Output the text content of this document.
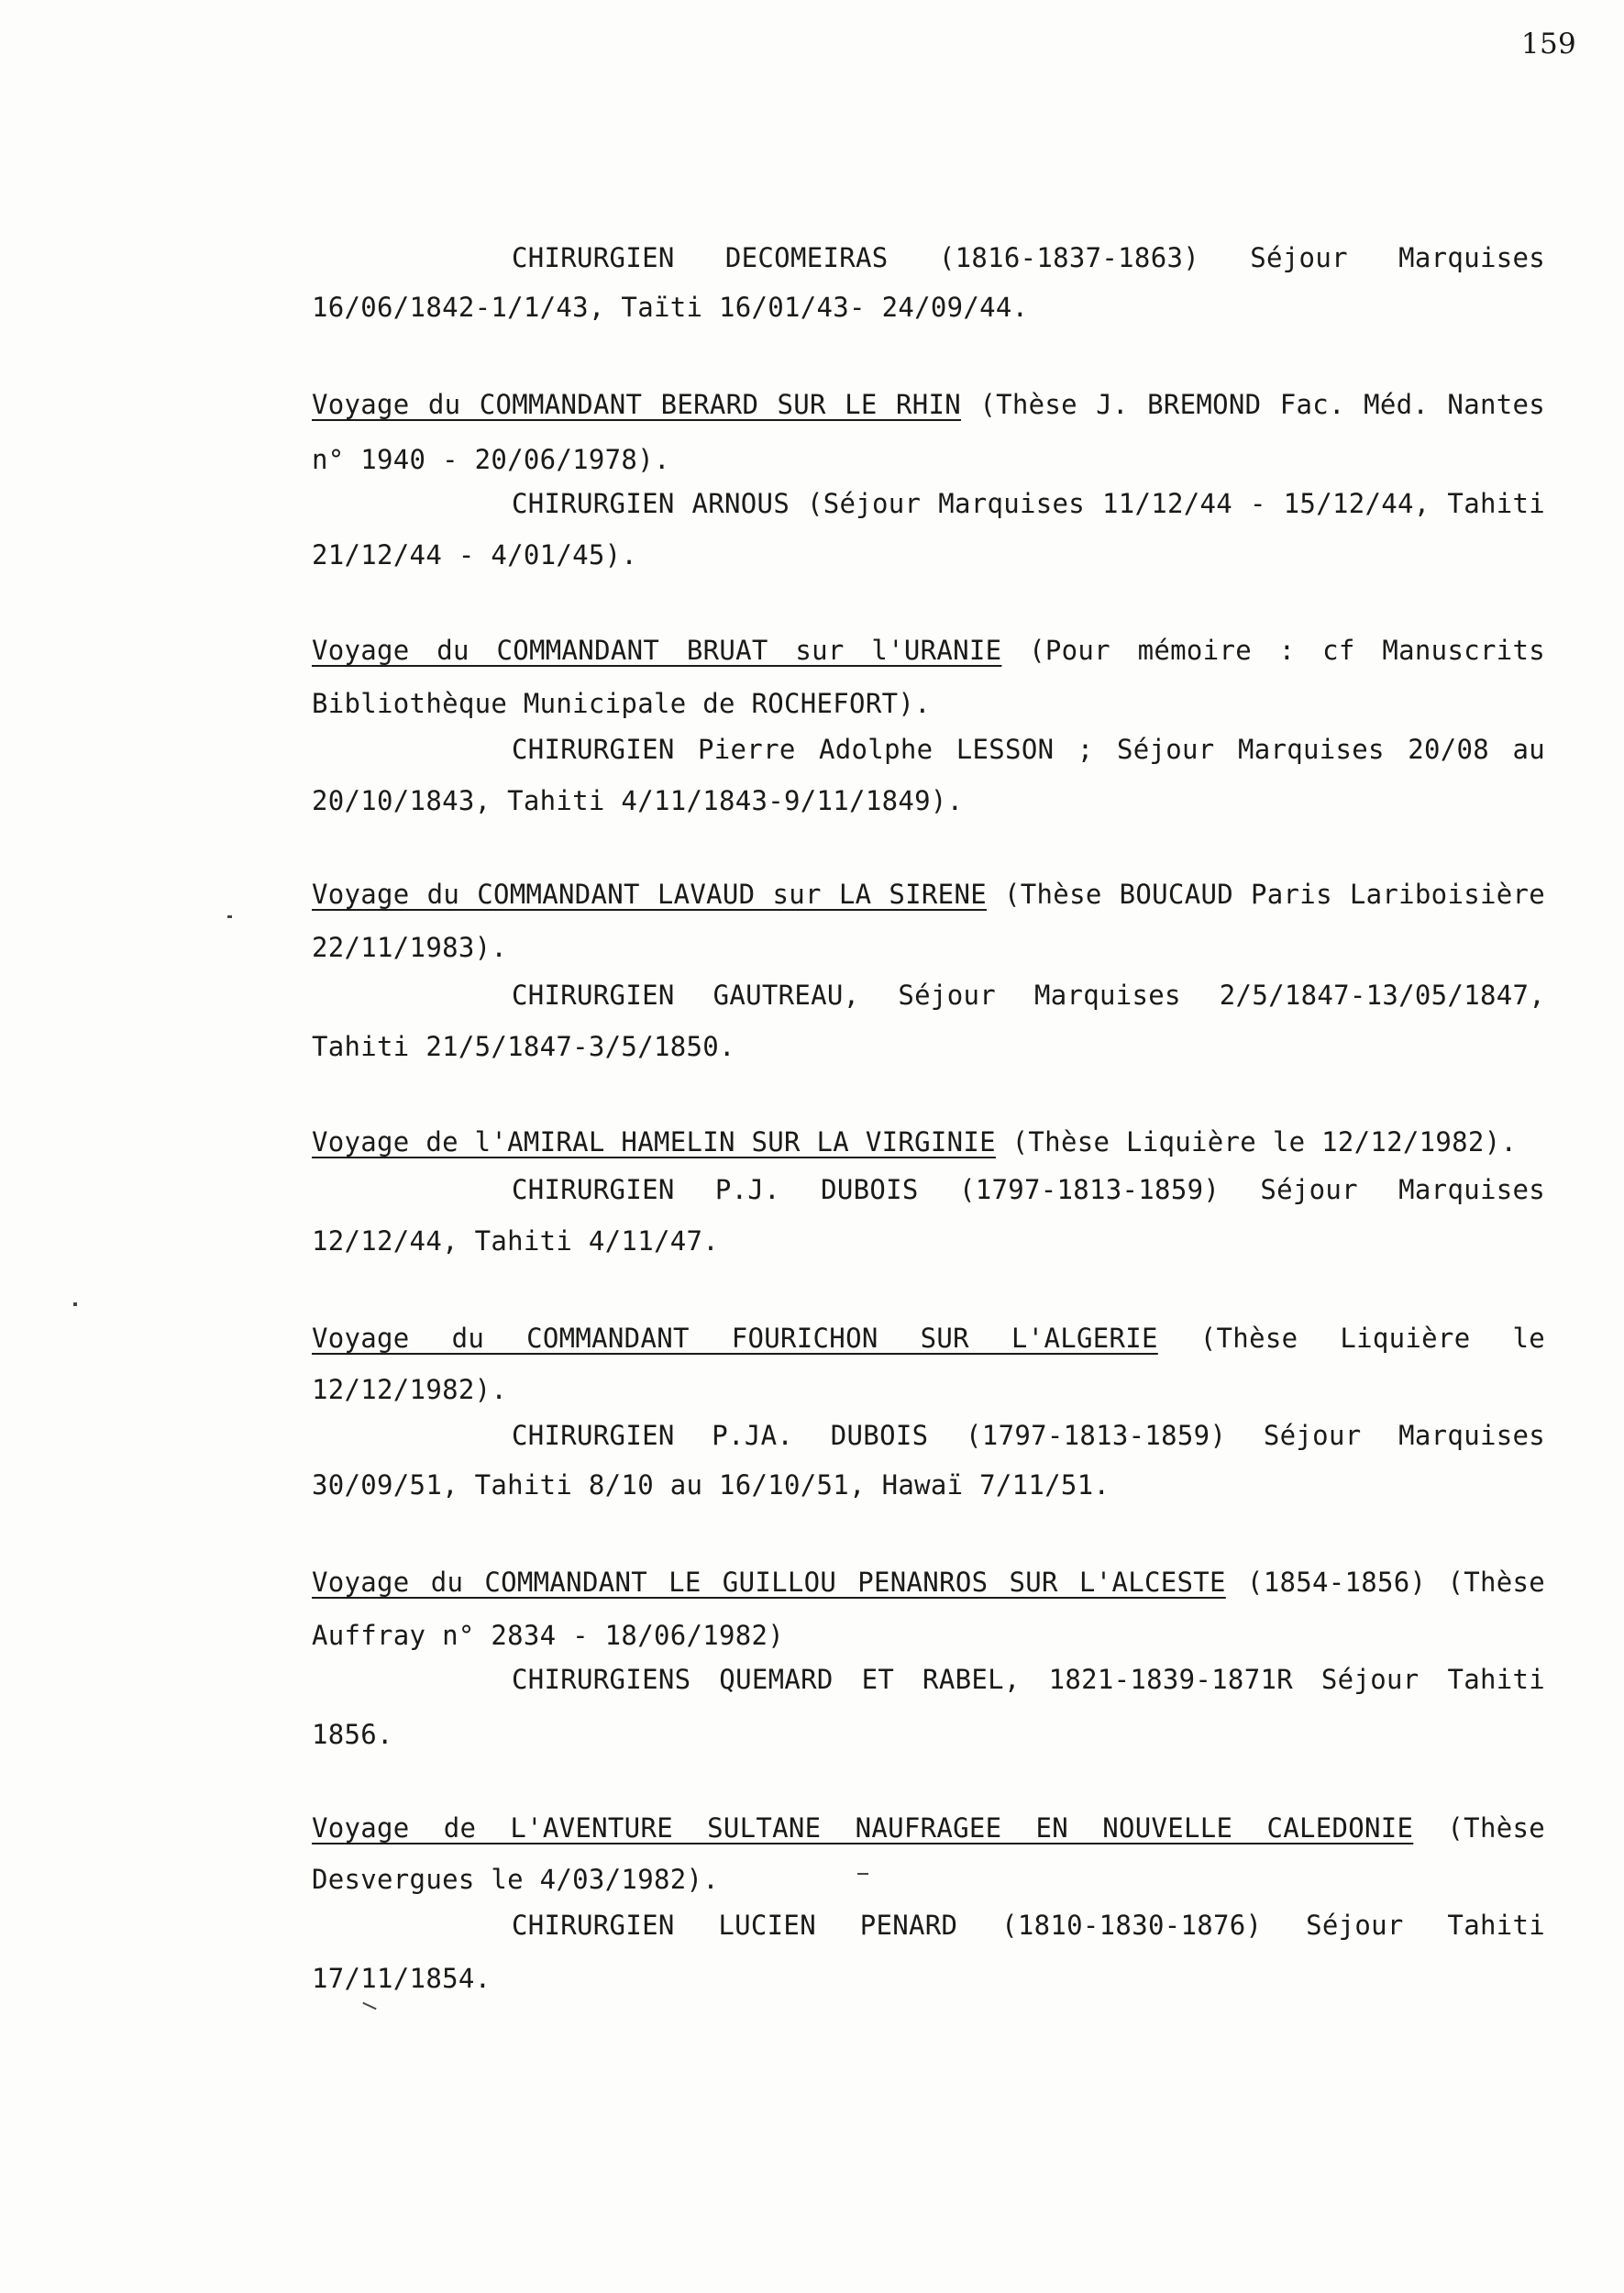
159
CHIRURGIEN DECOMEIRAS (1816-1837-1863) Séjour Marquises
16/06/1842-1/1/43, Taïti 16/01/43- 24/09/44.
Voyage du COMMANDANT BERARD SUR LE RHIN (Thèse J. BREMOND Fac. Méd. Nantes
n° 1940 - 20/06/1978).
CHIRURGIEN ARNOUS (Séjour Marquises 11/12/44 - 15/12/44, Tahiti
21/12/44 - 4/01/45).
Voyage du COMMANDANT BRUAT sur l'URANIE (Pour mémoire : cf Manuscrits
Bibliothèque Municipale de ROCHEFORT).
CHIRURGIEN Pierre Adolphe LESSON ; Séjour Marquises 20/08 au
20/10/1843, Tahiti 4/11/1843-9/11/1849).
Voyage du COMMANDANT LAVAUD sur LA SIRENE (Thèse BOUCAUD Paris Lariboisière
22/11/1983).
CHIRURGIEN GAUTREAU, Séjour Marquises 2/5/1847-13/05/1847,
Tahiti 21/5/1847-3/5/1850.
Voyage de l'AMIRAL HAMELIN SUR LA VIRGINIE (Thèse Liquière le 12/12/1982).
CHIRURGIEN P.J. DUBOIS (1797-1813-1859) Séjour Marquises
12/12/44, Tahiti 4/11/47.
Voyage du COMMANDANT FOURICHON SUR L'ALGERIE (Thèse Liquière le
12/12/1982).
CHIRURGIEN P.JA. DUBOIS (1797-1813-1859) Séjour Marquises
30/09/51, Tahiti 8/10 au 16/10/51, Hawaï 7/11/51.
Voyage du COMMANDANT LE GUILLOU PENANROS SUR L'ALCESTE (1854-1856) (Thèse
Auffray n° 2834 - 18/06/1982)
CHIRURGIENS QUEMARD ET RABEL, 1821-1839-1871R Séjour Tahiti
1856.
Voyage de L'AVENTURE SULTANE NAUFRAGEE EN NOUVELLE CALEDONIE (Thèse
Desvergues le 4/03/1982).
CHIRURGIEN LUCIEN PENARD (1810-1830-1876) Séjour Tahiti
17/11/1854.
